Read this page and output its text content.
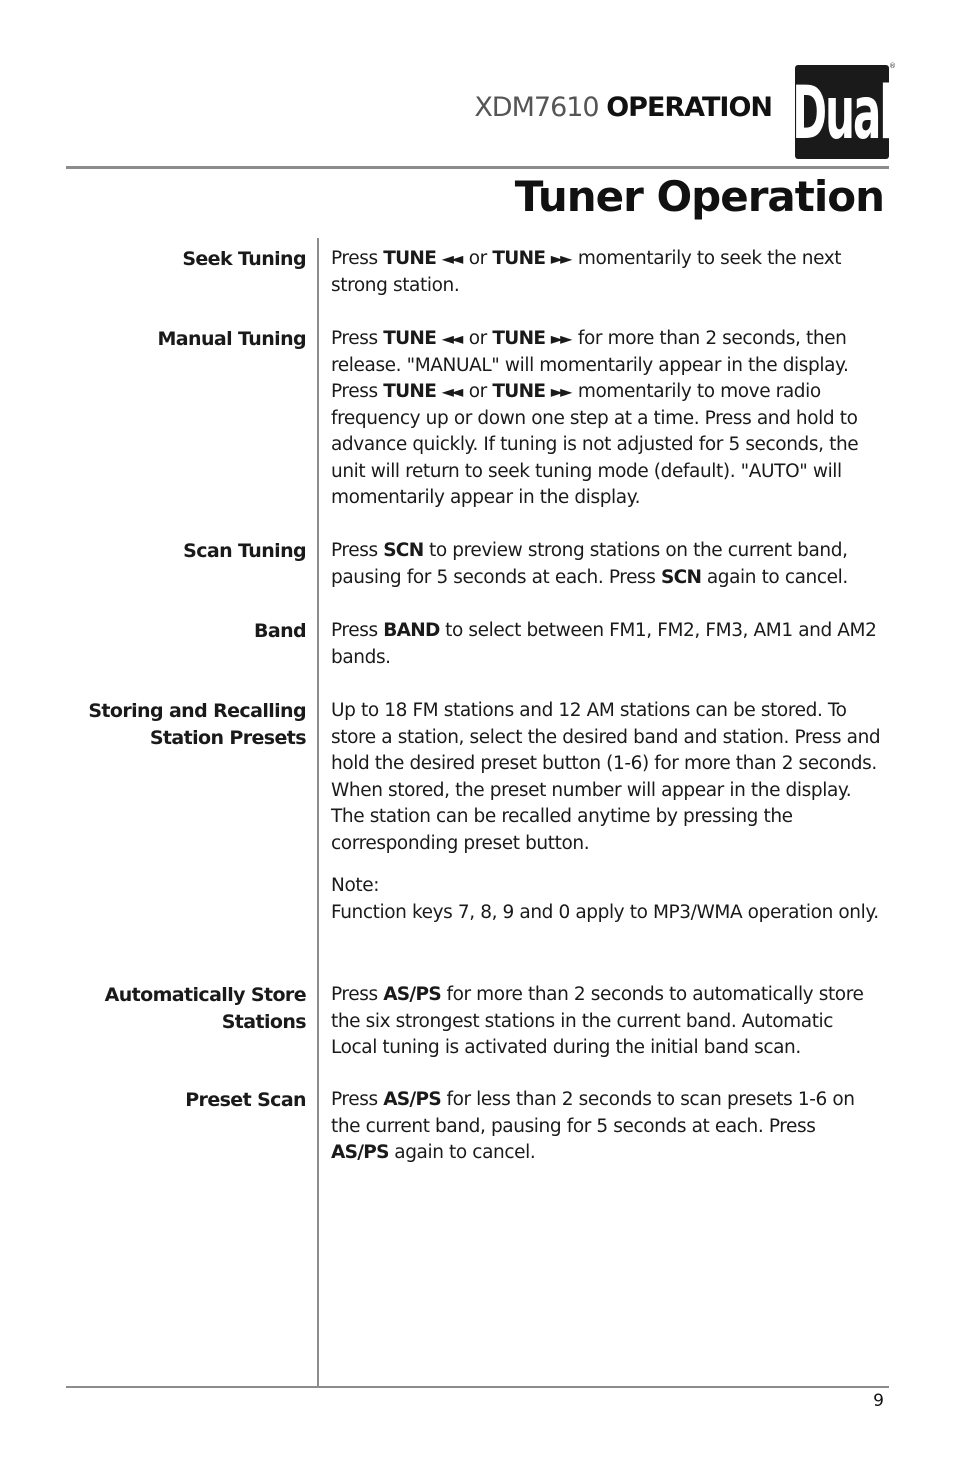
XDM7610 OPERATION Dual
®
Tuner Operation
Seek Tuning Press TUNE ◄◄ or TUNE ►► momentarily to seek the next strong station.

Manual Tuning Press TUNE ◄◄ or TUNE ►► for more than 2 seconds, then release. "MANUAL" will momentarily appear in the display. Press TUNE ◄◄ or TUNE ►► momentarily to move radio frequency up or down one step at a time. Press and hold to advance quickly. If tuning is not adjusted for 5 seconds, the unit will return to seek tuning mode (default). "AUTO" will momentarily appear in the display.

Scan Tuning Press SCN to preview strong stations on the current band, pausing for 5 seconds at each. Press SCN again to cancel.

Band Press BAND to select between FM1, FM2, FM3, AM1 and AM2 bands.

Storing and Recalling
Station Presets

Up to 18 FM stations and 12 AM stations can be stored. To store a station, select the desired band and station. Press and hold the desired preset button (1-6) for more than 2 seconds. When stored, the preset number will appear in the display. The station can be recalled anytime by pressing the corresponding preset button.

Note:

Function keys 7, 8, 9 and 0 apply to MP3/WMA operation only.

Automatically Store
Stations

Press AS/PS for more than 2 seconds to automatically store the six strongest stations in the current band. Automatic Local tuning is activated during the initial band scan.

Preset Scan Press AS/PS for less than 2 seconds to scan presets 1-6 on the current band, pausing for 5 seconds at each. Press
AS/PS again to cancel.

9
